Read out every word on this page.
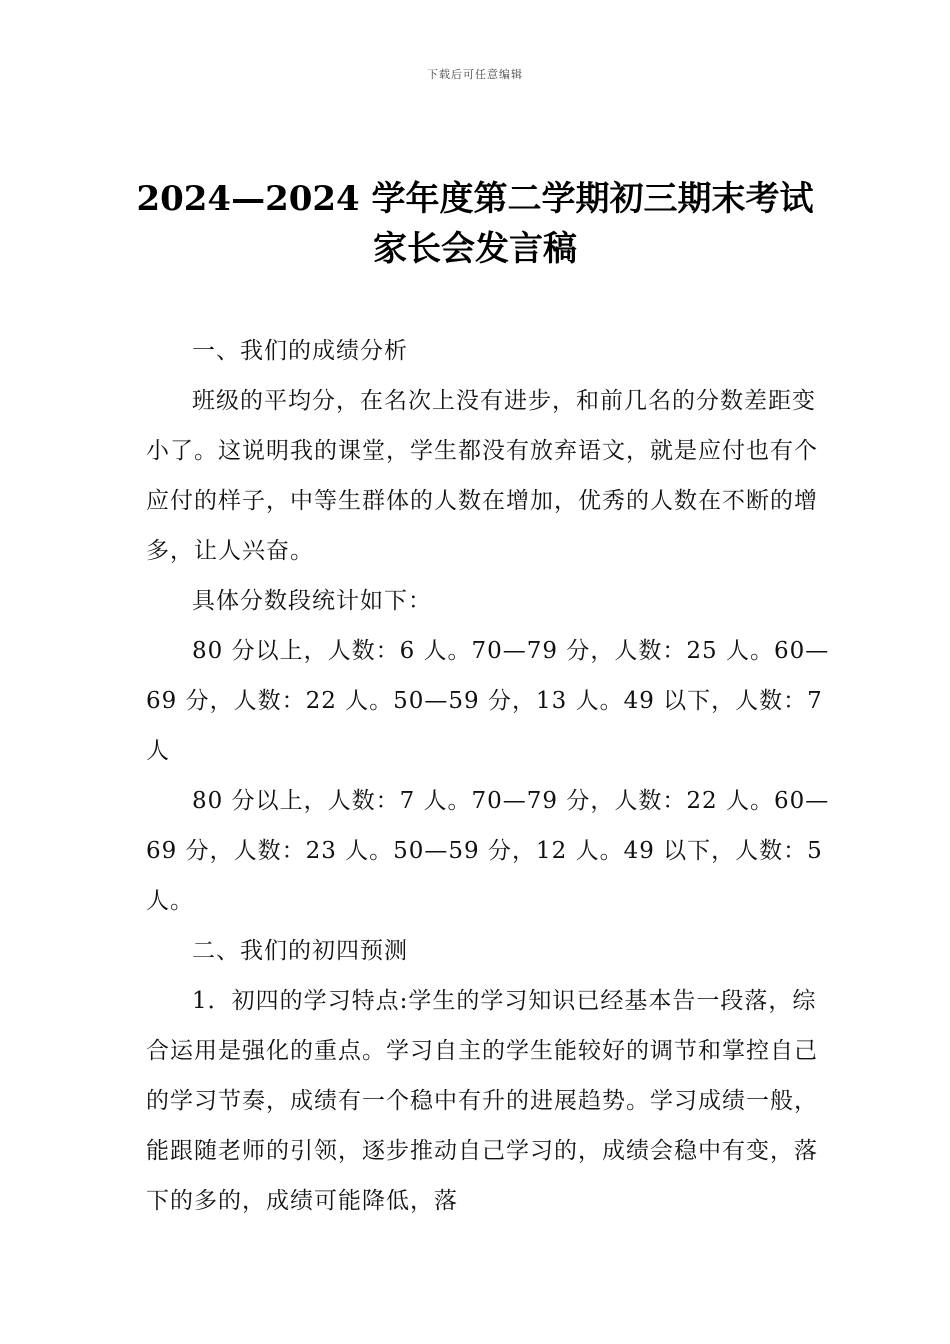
下载后可任意编辑
2024—2024 学年度第二学期初三期末考试
家长会发言稿

一、我们的成绩分析

班级的平均分，在名次上没有进步，和前几名的分数差距变小了。这说明我的课堂，学生都没有放弃语文，就是应付也有个应付的样子，中等生群体的人数在增加，优秀的人数在不断的增多，让人兴奋。

具体分数段统计如下：

80 分以上，人数：6 人。70—79 分，人数：25 人。60—69 分，人数：22 人。50—59 分，13 人。49 以下，人数：7 人

80 分以上，人数：7 人。70—79 分，人数：22 人。60—69 分，人数：23 人。50—59 分，12 人。49 以下，人数：5 人。

二、我们的初四预测

1．初四的学习特点:学生的学习知识已经基本告一段落，综合运用是强化的重点。学习自主的学生能较好的调节和掌控自己的学习节奏，成绩有一个稳中有升的进展趋势。学习成绩一般，能跟随老师的引领，逐步推动自己学习的，成绩会稳中有变，落下的多的，成绩可能降低，落
